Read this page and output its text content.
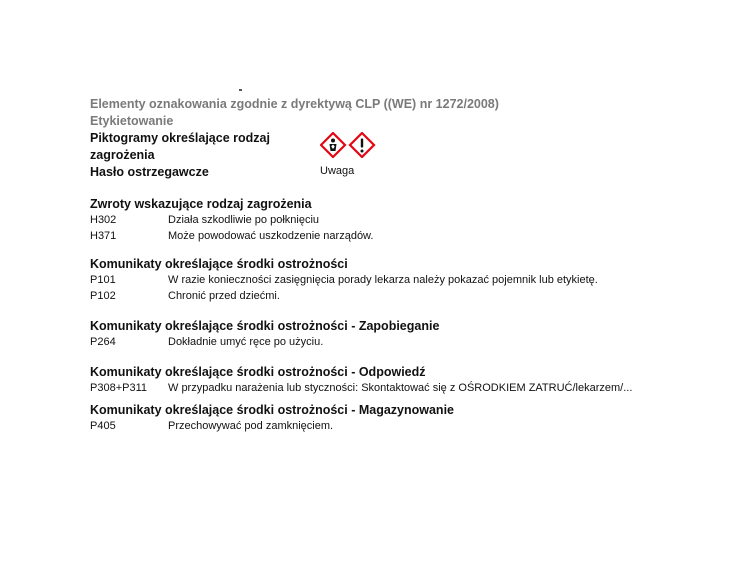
Elementy oznakowania zgodnie z dyrektywą CLP ((WE) nr 1272/2008)
Etykietowanie
Piktogramy określające rodzaj
zagrożenia
Hasło ostrzegawcze	Uwaga
Zwroty wskazujące rodzaj zagrożenia
H302	Działa szkodliwie po połknięciu
H371	Może powodować uszkodzenie narządów.
Komunikaty określające środki ostrożności
P101	W razie konieczności zasięgnięcia porady lekarza należy pokazać pojemnik lub etykietę.
P102	Chronić przed dziećmi.
Komunikaty określające środki ostrożności - Zapobieganie
P264	Dokładnie umyć ręce po użyciu.
Komunikaty określające środki ostrożności - Odpowiedź
P308+P311	W przypadku narażenia lub styczności: Skontaktować się z OŚRODKIEM ZATRUĆ/lekarzem/...
Komunikaty określające środki ostrożności - Magazynowanie
P405	Przechowywać pod zamknięciem.
